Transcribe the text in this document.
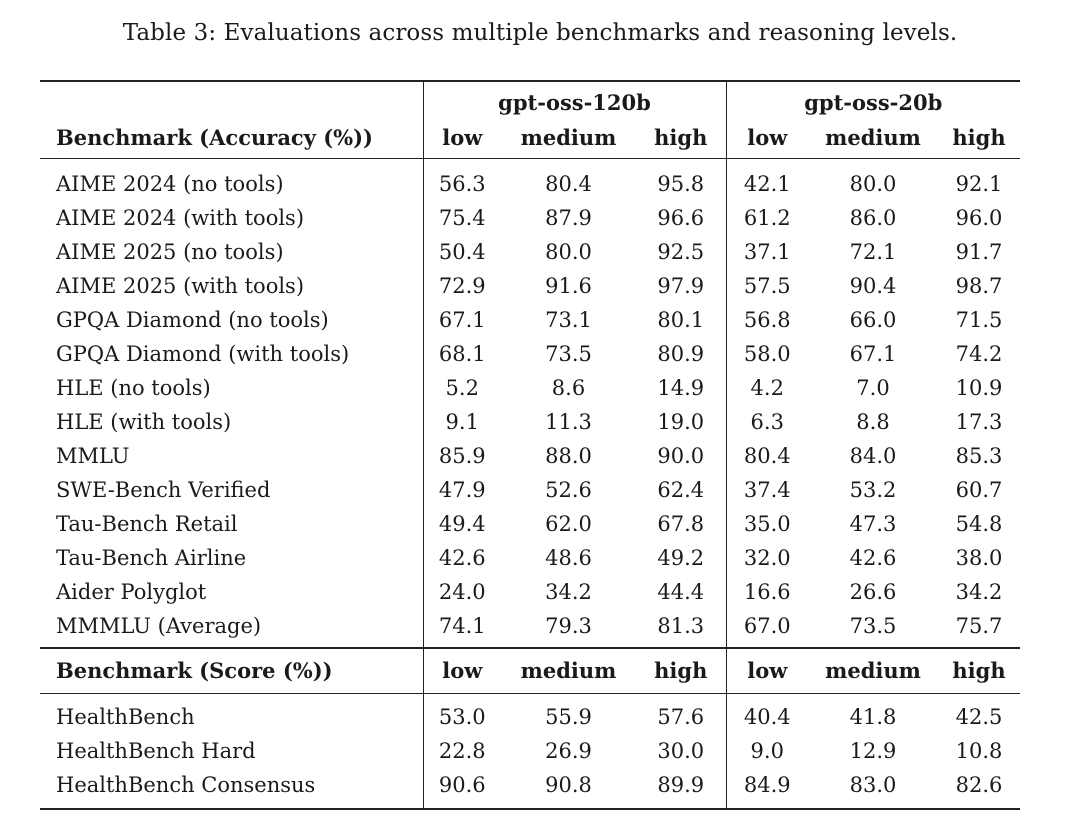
Table 3: Evaluations across multiple benchmarks and reasoning levels.
	gpt-oss-120b			gpt-oss-20b		
Benchmark (Accuracy (%))	low	medium	high	low	medium	high
AIME 2024 (no tools)	56.3	80.4	95.8	42.1	80.0	92.1
AIME 2024 (with tools)	75.4	87.9	96.6	61.2	86.0	96.0
AIME 2025 (no tools)	50.4	80.0	92.5	37.1	72.1	91.7
AIME 2025 (with tools)	72.9	91.6	97.9	57.5	90.4	98.7
GPQA Diamond (no tools)	67.1	73.1	80.1	56.8	66.0	71.5
GPQA Diamond (with tools)	68.1	73.5	80.9	58.0	67.1	74.2
HLE (no tools)	5.2	8.6	14.9	4.2	7.0	10.9
HLE (with tools)	9.1	11.3	19.0	6.3	8.8	17.3
MMLU	85.9	88.0	90.0	80.4	84.0	85.3
SWE-Bench Verified	47.9	52.6	62.4	37.4	53.2	60.7
Tau-Bench Retail	49.4	62.0	67.8	35.0	47.3	54.8
Tau-Bench Airline	42.6	48.6	49.2	32.0	42.6	38.0
Aider Polyglot	24.0	34.2	44.4	16.6	26.6	34.2
MMMLU (Average)	74.1	79.3	81.3	67.0	73.5	75.7
Benchmark (Score (%))	low	medium	high	low	medium	high
HealthBench	53.0	55.9	57.6	40.4	41.8	42.5
HealthBench Hard	22.8	26.9	30.0	9.0	12.9	10.8
HealthBench Consensus	90.6	90.8	89.9	84.9	83.0	82.6
